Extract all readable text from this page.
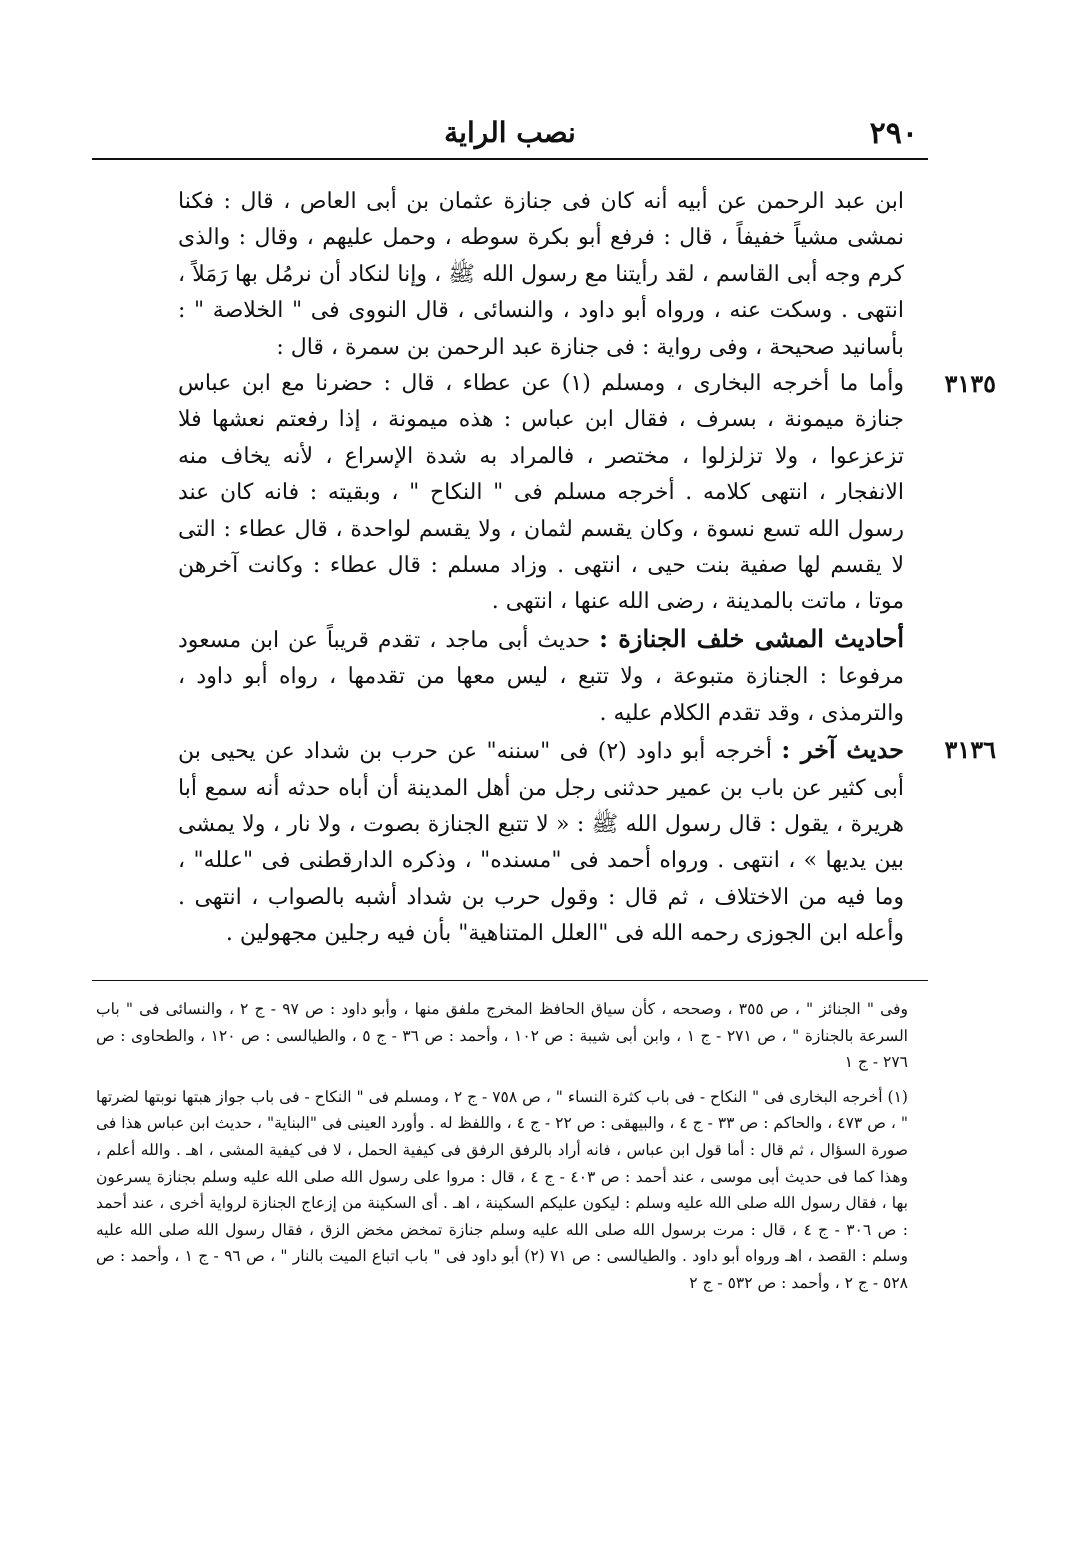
٢٩٠
نصب الراية

ابن عبد الرحمن عن أبيه أنه كان فى جنازة عثمان بن أبى العاص ، قال : فكنا نمشى مشياً خفيفاً ، قال : فرفع أبو بكرة سوطه ، وحمل عليهم ، وقال : والذى كرم وجه أبى القاسم ، لقد رأيتنا مع رسول الله ﷺ ، وإنا لنكاد أن نرمُل بها رَمَلاً ، انتهى . وسكت عنه ، ورواه أبو داود ، والنسائى ، قال النووى فى " الخلاصة " : بأسانيد صحيحة ، وفى رواية : فى جنازة عبد الرحمن بن سمرة ، قال :

٣١٣٥
وأما ما أخرجه البخارى ، ومسلم (١) عن عطاء ، قال : حضرنا مع ابن عباس جنازة ميمونة ، بسرف ، فقال ابن عباس : هذه ميمونة ، إذا رفعتم نعشها فلا تزعزعوا ، ولا تزلزلوا ، مختصر ، فالمراد به شدة الإسراع ، لأنه يخاف منه الانفجار ، انتهى كلامه . أخرجه مسلم فى " النكاح " ، وبقيته : فانه كان عند رسول الله تسع نسوة ، وكان يقسم لثمان ، ولا يقسم لواحدة ، قال عطاء : التى لا يقسم لها صفية بنت حيى ، انتهى . وزاد مسلم : قال عطاء : وكانت آخرهن موتا ، ماتت بالمدينة ، رضى الله عنها ، انتهى .

أحاديث المشى خلف الجنازة : حديث أبى ماجد ، تقدم قريباً عن ابن مسعود مرفوعا : الجنازة متبوعة ، ولا تتبع ، ليس معها من تقدمها ، رواه أبو داود ، والترمذى ، وقد تقدم الكلام عليه .

٣١٣٦
حديث آخر : أخرجه أبو داود (٢) فى "سننه" عن حرب بن شداد عن يحيى بن أبى كثير عن باب بن عمير حدثنى رجل من أهل المدينة أن أباه حدثه أنه سمع أبا هريرة ، يقول : قال رسول الله ﷺ : « لا تتبع الجنازة بصوت ، ولا نار ، ولا يمشى بين يديها » ، انتهى . ورواه أحمد فى "مسنده" ، وذكره الدارقطنى فى "علله" ، وما فيه من الاختلاف ، ثم قال : وقول حرب بن شداد أشبه بالصواب ، انتهى . وأعله ابن الجوزى رحمه الله فى "العلل المتناهية" بأن فيه رجلين مجهولين .

وفى " الجنائز " ، ص ٣٥٥ ، وصححه ، كأن سياق الحافظ المخرج ملفق منها ، وأبو داود : ص ٩٧ - ج ٢ ، والنسائى فى " باب السرعة بالجنازة " ، ص ٢٧١ - ج ١ ، وابن أبى شيبة : ص ١٠٢ ، وأحمد : ص ٣٦ - ج ٥ ، والطيالسى : ص ١٢٠ ، والطحاوى : ص ٢٧٦ - ج ١

(١) أخرجه البخارى فى " النكاح - فى باب كثرة النساء " ، ص ٧٥٨ - ج ٢ ، ومسلم فى " النكاح - فى باب جواز هبتها نوبتها لضرتها " ، ص ٤٧٣ ، والحاكم : ص ٣٣ - ج ٤ ، والبيهقى : ص ٢٢ - ج ٤ ، واللفظ له . وأورد العينى فى "البناية" ، حديث ابن عباس هذا فى صورة السؤال ، ثم قال : أما قول ابن عباس ، فانه أراد بالرفق الرفق فى كيفية الحمل ، لا فى كيفية المشى ، اهـ . والله أعلم ، وهذا كما فى حديث أبى موسى ، عند أحمد : ص ٤٠٣ - ج ٤ ، قال : مروا على رسول الله صلى الله عليه وسلم بجنازة يسرعون بها ، فقال رسول الله صلى الله عليه وسلم : ليكون عليكم السكينة ، اهـ . أى السكينة من إزعاج الجنازة لرواية أخرى ، عند أحمد : ص ٣٠٦ - ج ٤ ، قال : مرت برسول الله صلى الله عليه وسلم جنازة تمخض مخض الزق ، فقال رسول الله صلى الله عليه وسلم : القصد ، اهـ ورواه أبو داود . والطيالسى : ص ٧١ (٢) أبو داود فى " باب اتباع الميت بالنار " ، ص ٩٦ - ج ١ ، وأحمد : ص ٥٢٨ - ج ٢ ، وأحمد : ص ٥٣٢ - ج ٢
